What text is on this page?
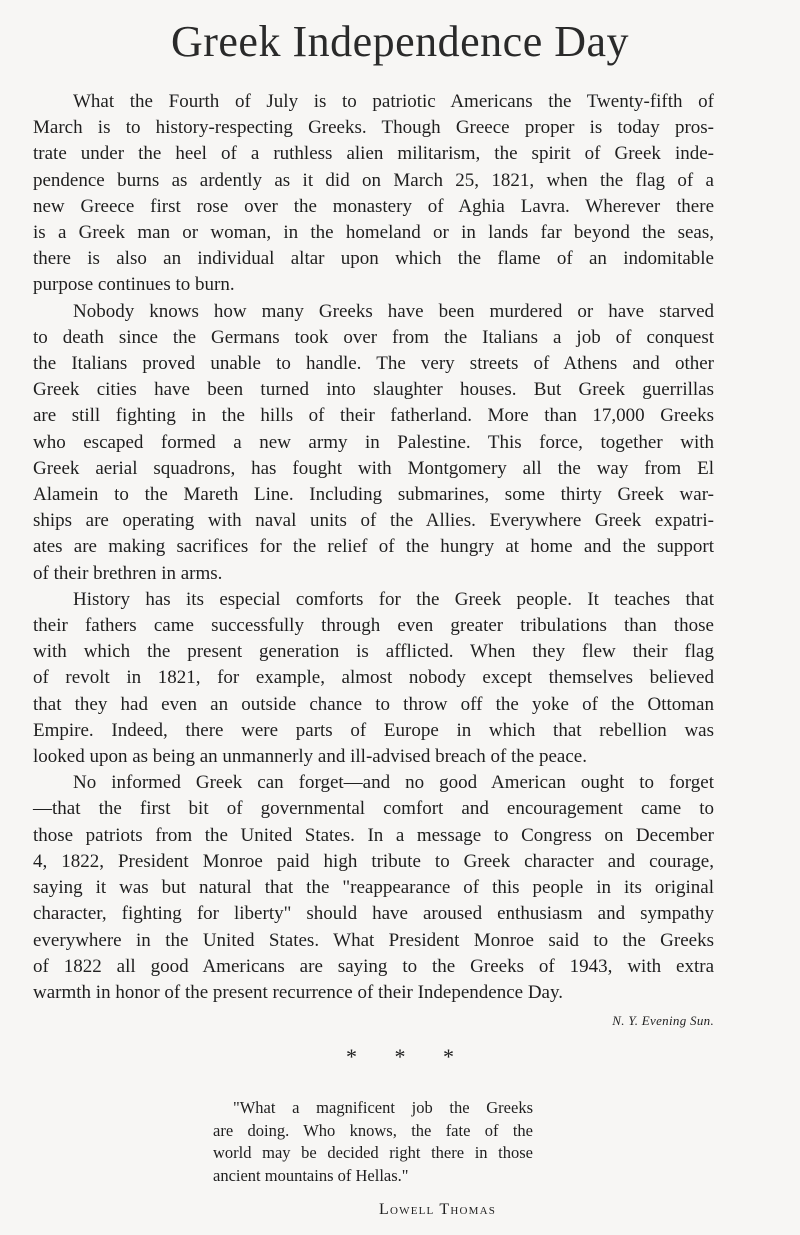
Greek Independence Day

What the Fourth of July is to patriotic Americans the Twenty-fifth of
March is to history-respecting Greeks. Though Greece proper is today pros-
trate under the heel of a ruthless alien militarism, the spirit of Greek inde-
pendence burns as ardently as it did on March 25, 1821, when the flag of a
new Greece first rose over the monastery of Aghia Lavra. Wherever there
is a Greek man or woman, in the homeland or in lands far beyond the seas,
there is also an individual altar upon which the flame of an indomitable
purpose continues to burn.

Nobody knows how many Greeks have been murdered or have starved
to death since the Germans took over from the Italians a job of conquest
the Italians proved unable to handle. The very streets of Athens and other
Greek cities have been turned into slaughter houses. But Greek guerrillas
are still fighting in the hills of their fatherland. More than 17,000 Greeks
who escaped formed a new army in Palestine. This force, together with
Greek aerial squadrons, has fought with Montgomery all the way from El
Alamein to the Mareth Line. Including submarines, some thirty Greek war-
ships are operating with naval units of the Allies. Everywhere Greek expatri-
ates are making sacrifices for the relief of the hungry at home and the support
of their brethren in arms.

History has its especial comforts for the Greek people. It teaches that
their fathers came successfully through even greater tribulations than those
with which the present generation is afflicted. When they flew their flag
of revolt in 1821, for example, almost nobody except themselves believed
that they had even an outside chance to throw off the yoke of the Ottoman
Empire. Indeed, there were parts of Europe in which that rebellion was
looked upon as being an unmannerly and ill-advised breach of the peace.

No informed Greek can forget—and no good American ought to forget
—that the first bit of governmental comfort and encouragement came to
those patriots from the United States. In a message to Congress on December
4, 1822, President Monroe paid high tribute to Greek character and courage,
saying it was but natural that the "reappearance of this people in its original
character, fighting for liberty" should have aroused enthusiasm and sympathy
everywhere in the United States. What President Monroe said to the Greeks
of 1822 all good Americans are saying to the Greeks of 1943, with extra
warmth in honor of the present recurrence of their Independence Day.

N. Y. Evening Sun.
* * *
"What a magnificent job the Greeks
are doing. Who knows, the fate of the
world may be decided right there in those
ancient mountains of Hellas."
Lowell Thomas
